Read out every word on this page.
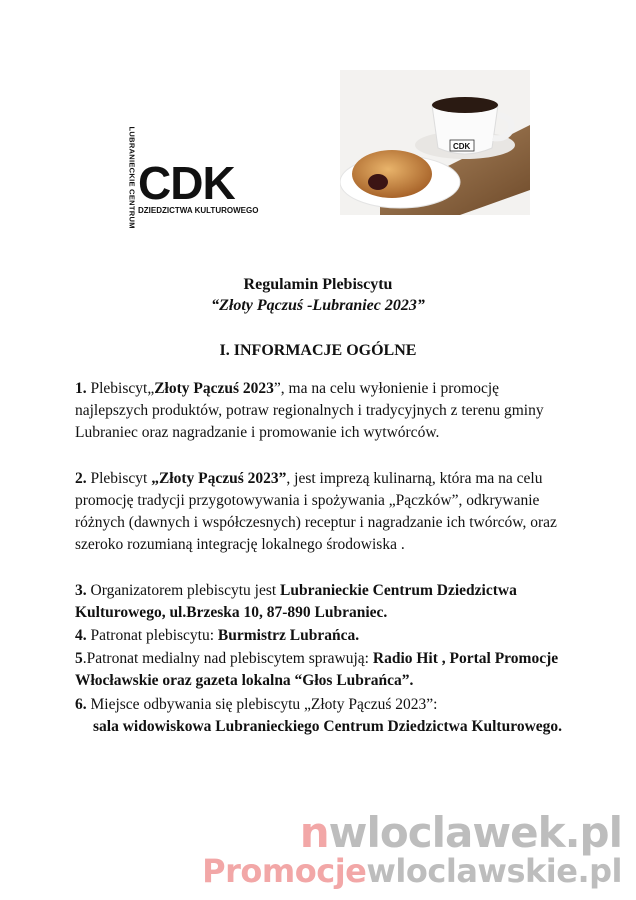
LUBRANIECKIE CENTRUM CDK
DZIEDZICTWA KULTUROWEGO
CDK
Regulamin Plebiscytu
“Złoty Pączuś -Lubraniec 2023”
I. INFORMACJE OGÓLNE
1. Plebiscyt„Złoty Pączuś 2023”, ma na celu wyłonienie i promocję najlepszych produktów, potraw regionalnych i tradycyjnych z terenu gminy Lubraniec oraz nagradzanie i promowanie ich wytwórców.
2. Plebiscyt „Złoty Pączuś 2023”, jest imprezą kulinarną, która ma na celu promocję tradycji przygotowywania i spożywania „Pączków”, odkrywanie różnych (dawnych i współczesnych) receptur i nagradzanie ich twórców, oraz szeroko rozumianą integrację lokalnego środowiska .
3. Organizatorem plebiscytu jest Lubranieckie Centrum Dziedzictwa Kulturowego, ul.Brzeska 10, 87-890 Lubraniec.
4. Patronat plebiscytu: Burmistrz Lubrańca.
5.Patronat medialny nad plebiscytem sprawują: Radio Hit , Portal Promocje Włocławskie oraz gazeta lokalna “Głos Lubrańca”.
6. Miejsce odbywania się plebiscytu „Złoty Pączuś 2023”:
sala widowiskowa Lubranieckiego Centrum Dziedzictwa Kulturowego.
nwloclawek.pl
Promocjewloclawskie.pl
